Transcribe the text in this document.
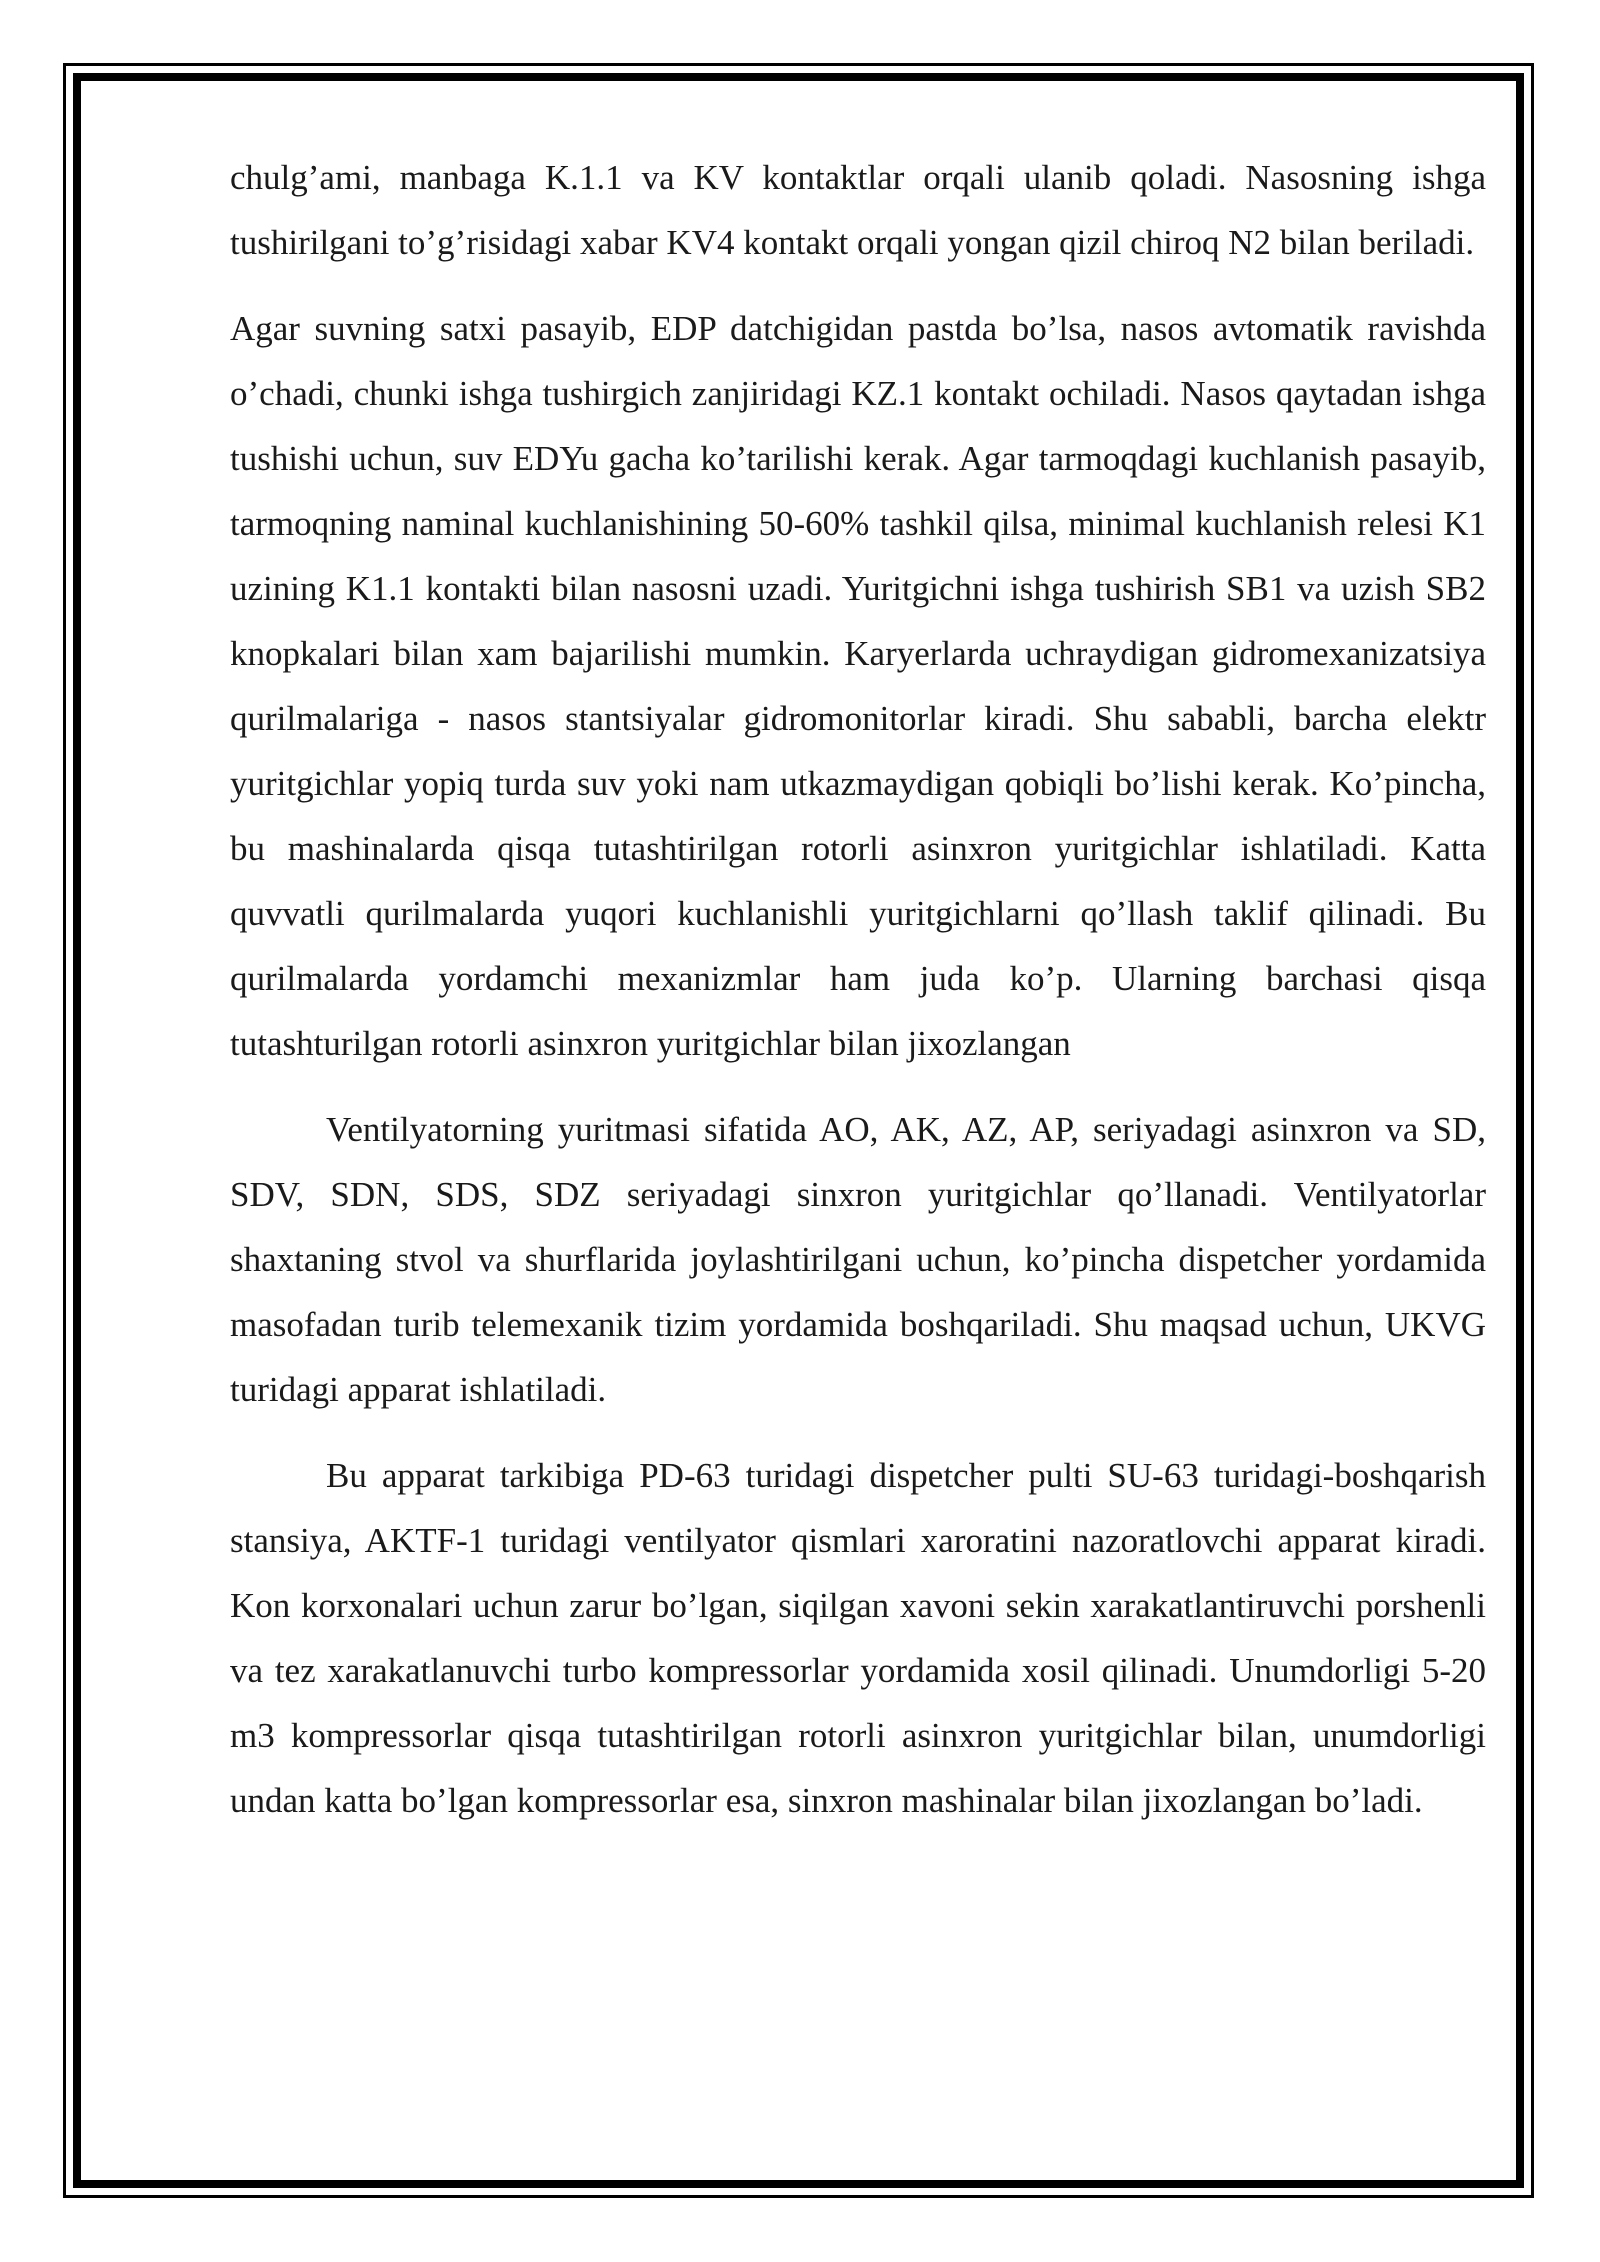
chulg’ami, manbaga K.1.1 va KV kontaktlar orqali ulanib qoladi. Nasosning ishga tushirilgani to’g’risidagi xabar KV4 kontakt orqali yongan qizil chiroq N2 bilan beriladi.

Agar suvning satxi pasayib, EDP datchigidan pastda bo’lsa, nasos avtomatik ravishda o’chadi, chunki ishga tushirgich zanjiridagi KZ.1 kontakt ochiladi. Nasos qaytadan ishga tushishi uchun, suv EDYu gacha ko’tarilishi kerak. Agar tarmoqdagi kuchlanish pasayib, tarmoqning naminal kuchlanishining 50-60% tashkil qilsa, minimal kuchlanish relesi K1 uzining K1.1 kontakti bilan nasosni uzadi. Yuritgichni ishga tushirish SB1 va uzish SB2 knopkalari bilan xam bajarilishi mumkin. Karyerlarda uchraydigan gidromexanizatsiya qurilmalariga - nasos stantsiyalar gidromonitorlar kiradi. Shu sababli, barcha elektr yuritgichlar yopiq turda suv yoki nam utkazmaydigan qobiqli bo’lishi kerak. Ko’pincha, bu mashinalarda qisqa tutashtirilgan rotorli asinxron yuritgichlar ishlatiladi. Katta quvvatli qurilmalarda yuqori kuchlanishli yuritgichlarni qo’llash taklif qilinadi. Bu qurilmalarda yordamchi mexanizmlar ham juda ko’p. Ularning barchasi qisqa tutashturilgan rotorli asinxron yuritgichlar bilan jixozlangan

Ventilyatorning yuritmasi sifatida AO, AK, AZ, AP, seriyadagi asinxron va SD, SDV, SDN, SDS, SDZ seriyadagi sinxron yuritgichlar qo’llanadi. Ventilyatorlar shaxtaning stvol va shurflarida joylashtirilgani uchun, ko’pincha dispetcher yordamida masofadan turib telemexanik tizim yordamida boshqariladi. Shu maqsad uchun, UKVG turidagi apparat ishlatiladi.

Bu apparat tarkibiga PD-63 turidagi dispetcher pulti SU-63 turidagi-boshqarish stansiya, AKTF-1 turidagi ventilyator qismlari xaroratini nazoratlovchi apparat kiradi. Kon korxonalari uchun zarur bo’lgan, siqilgan xavoni sekin xarakatlantiruvchi porshenli va tez xarakatlanuvchi turbo kompressorlar yordamida xosil qilinadi. Unumdorligi 5-20 m3 kompressorlar qisqa tutashtirilgan rotorli asinxron yuritgichlar bilan, unumdorligi undan katta bo’lgan kompressorlar esa, sinxron mashinalar bilan jixozlangan bo’ladi.
